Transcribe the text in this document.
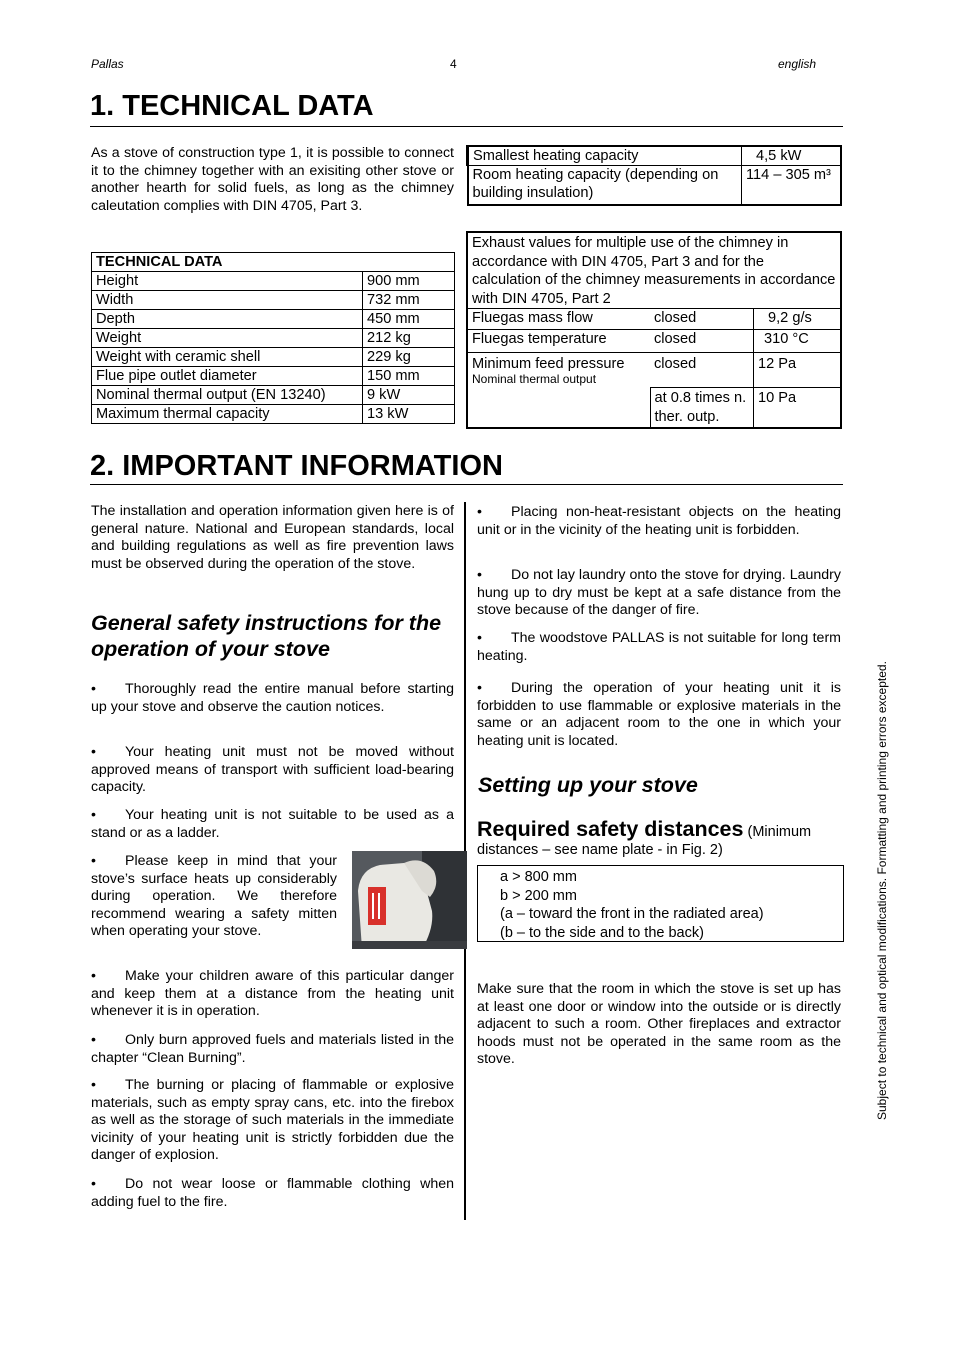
Pallas	4	english
1. TECHNICAL DATA

As a stove of construction type 1, it is possible to connect it to the chimney together with an exisiting other stove or another hearth for solid fuels, as long as the chimney caleutation complies with DIN 4705, Part 3.

TECHNICAL DATA	
Height	900 mm
Width	732 mm
Depth	450 mm
Weight	212 kg
Weight with ceramic shell	229 kg
Flue pipe outlet diameter	150 mm
Nominal thermal output (EN 13240)	9 kW
Maximum thermal capacity	13 kW
Smallest heating capacity	4,5 kW
Room heating capacity (depending on building insulation)	114 – 305 m³
Exhaust values for multiple use of the chimney in accordance with DIN 4705, Part 3 and for the calculation of the chimney measurements in accordance with DIN 4705, Part 2		
Fluegas mass flow	closed	9,2 g/s
Fluegas temperature	closed	310 °C

Minimum feed pressure
Nominal thermal output	closed	12 Pa
	at 0.8 times n. ther. outp.	10 Pa
2. IMPORTANT INFORMATION

The installation and operation information given here is of general nature. National and European standards, local and building regulations as well as fire prevention laws must be observed during the operation of the stove.

General safety instructions for the operation of your stove

• Thoroughly read the entire manual before starting up your stove and observe the caution notices.

• Your heating unit must not be moved without approved means of transport with sufficient load-bearing capacity.

• Your heating unit is not suitable to be used as a stand or as a ladder.

• Please keep in mind that your stove’s surface heats up considerably during operation. We therefore recommend wearing a safety mitten when operating your stove.

• Make your children aware of this particular danger and keep them at a distance from the heating unit whenever it is in operation.

• Only burn approved fuels and materials listed in the chapter “Clean Burning”.

• The burning or placing of flammable or explosive materials, such as empty spray cans, etc. into the firebox as well as the storage of such materials in the immediate vicinity of your heating unit is strictly forbidden due the danger of explosion.

• Do not wear loose or flammable clothing when adding fuel to the fire.

• Placing non-heat-resistant objects on the heating unit or in the vicinity of the heating unit is forbidden.

• Do not lay laundry onto the stove for drying. Laundry hung up to dry must be kept at a safe distance from the stove because of the danger of fire.

• The woodstove PALLAS is not suitable for long term heating.

• During the operation of your heating unit it is forbidden to use flammable or explosive materials in the same or an adjacent room to the one in which your heating unit is located.

Setting up your stove
Required safety distances (Minimum distances – see name plate - in Fig. 2)
a > 800 mm
b > 200 mm
(a – toward the front in the radiated area)
(b – to the side and to the back)

Make sure that the room in which the stove is set up has at least one door or window into the outside or is directly adjacent to such a room. Other fireplaces and extractor hoods must not be operated in the same room as the stove.	Subject to technical and optical modifications. Formatting and printing errors excepted.
